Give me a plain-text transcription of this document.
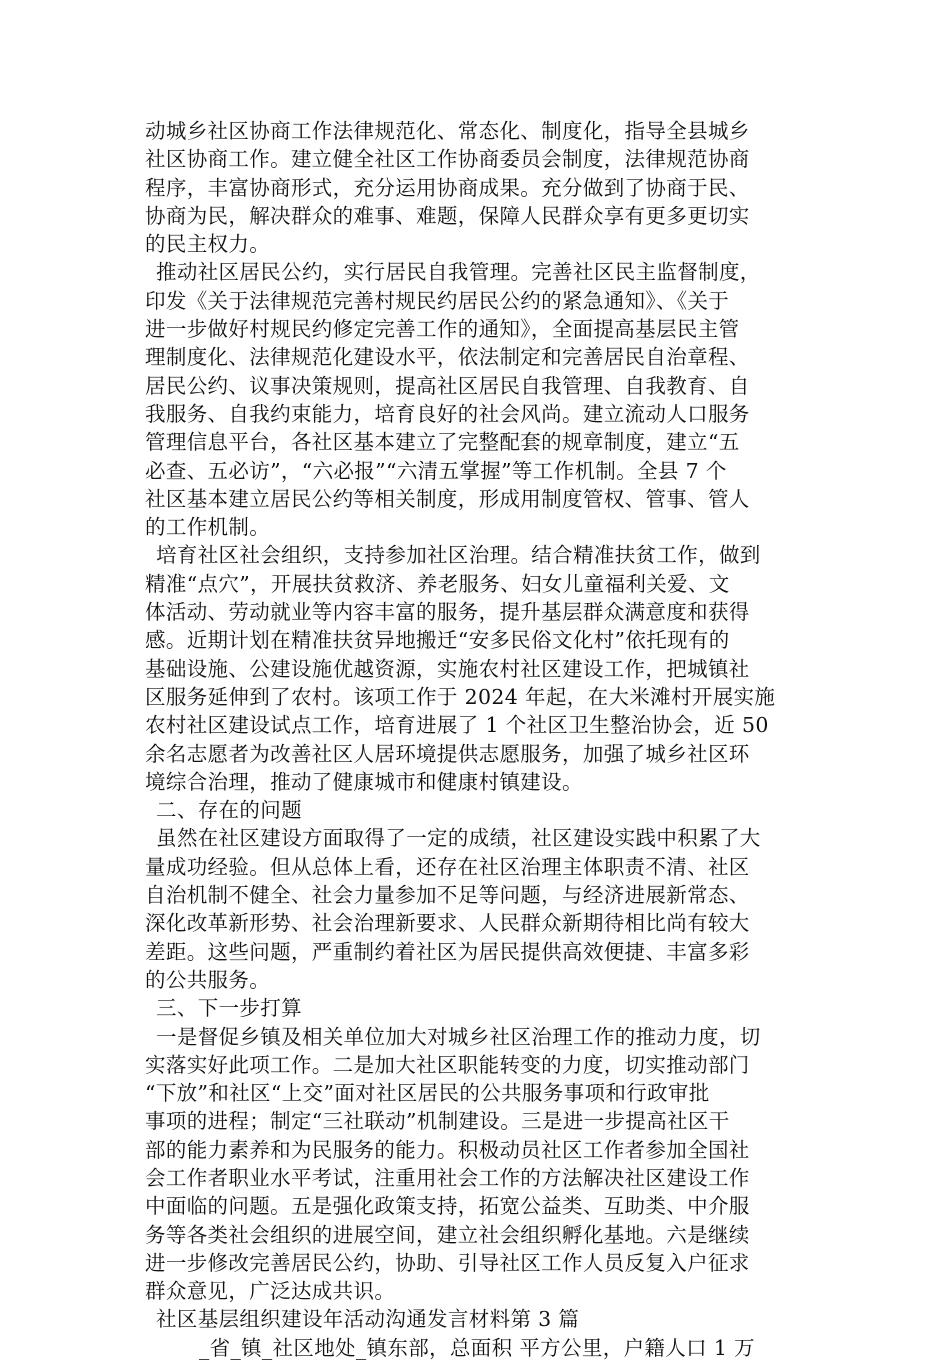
动城乡社区协商工作法律规范化、常态化、制度化，指导全县城乡
社区协商工作。建立健全社区工作协商委员会制度，法律规范协商
程序，丰富协商形式，充分运用协商成果。充分做到了协商于民、
协商为民，解决群众的难事、难题，保障人民群众享有更多更切实
的民主权力。
推动社区居民公约，实行居民自我管理。完善社区民主监督制度，
印发《关于法律规范完善村规民约居民公约的紧急通知》、《关于
进一步做好村规民约修定完善工作的通知》，全面提高基层民主管
理制度化、法律规范化建设水平，依法制定和完善居民自治章程、
居民公约、议事决策规则，提高社区居民自我管理、自我教育、自
我服务、自我约束能力，培育良好的社会风尚。建立流动人口服务
管理信息平台，各社区基本建立了完整配套的规章制度，建立“五
必查、五必访”，“六必报”“六清五掌握”等工作机制。全县 7 个
社区基本建立居民公约等相关制度，形成用制度管权、管事、管人
的工作机制。
培育社区社会组织，支持参加社区治理。结合精准扶贫工作，做到
精准“点穴”，开展扶贫救济、养老服务、妇女儿童福利关爱、文
体活动、劳动就业等内容丰富的服务，提升基层群众满意度和获得
感。近期计划在精准扶贫异地搬迁“安多民俗文化村”依托现有的
基础设施、公建设施优越资源，实施农村社区建设工作，把城镇社
区服务延伸到了农村。该项工作于 2024 年起，在大米滩村开展实施
农村社区建设试点工作，培育进展了 1 个社区卫生整治协会，近 50
余名志愿者为改善社区人居环境提供志愿服务，加强了城乡社区环
境综合治理，推动了健康城市和健康村镇建设。
二、存在的问题
虽然在社区建设方面取得了一定的成绩，社区建设实践中积累了大
量成功经验。但从总体上看，还存在社区治理主体职责不清、社区
自治机制不健全、社会力量参加不足等问题，与经济进展新常态、
深化改革新形势、社会治理新要求、人民群众新期待相比尚有较大
差距。这些问题，严重制约着社区为居民提供高效便捷、丰富多彩
的公共服务。
三、下一步打算
一是督促乡镇及相关单位加大对城乡社区治理工作的推动力度，切
实落实好此项工作。二是加大社区职能转变的力度，切实推动部门
“下放”和社区“上交”面对社区居民的公共服务事项和行政审批
事项的进程；制定“三社联动”机制建设。三是进一步提高社区干
部的能力素养和为民服务的能力。积极动员社区工作者参加全国社
会工作者职业水平考试，注重用社会工作的方法解决社区建设工作
中面临的问题。五是强化政策支持，拓宽公益类、互助类、中介服
务等各类社会组织的进展空间，建立社会组织孵化基地。六是继续
进一步修改完善居民公约，协助、引导社区工作人员反复入户征求
群众意见，广泛达成共识。
社区基层组织建设年活动沟通发言材料第 3 篇
_省_镇_社区地处_镇东部，总面积 平方公里，户籍人口 1 万
